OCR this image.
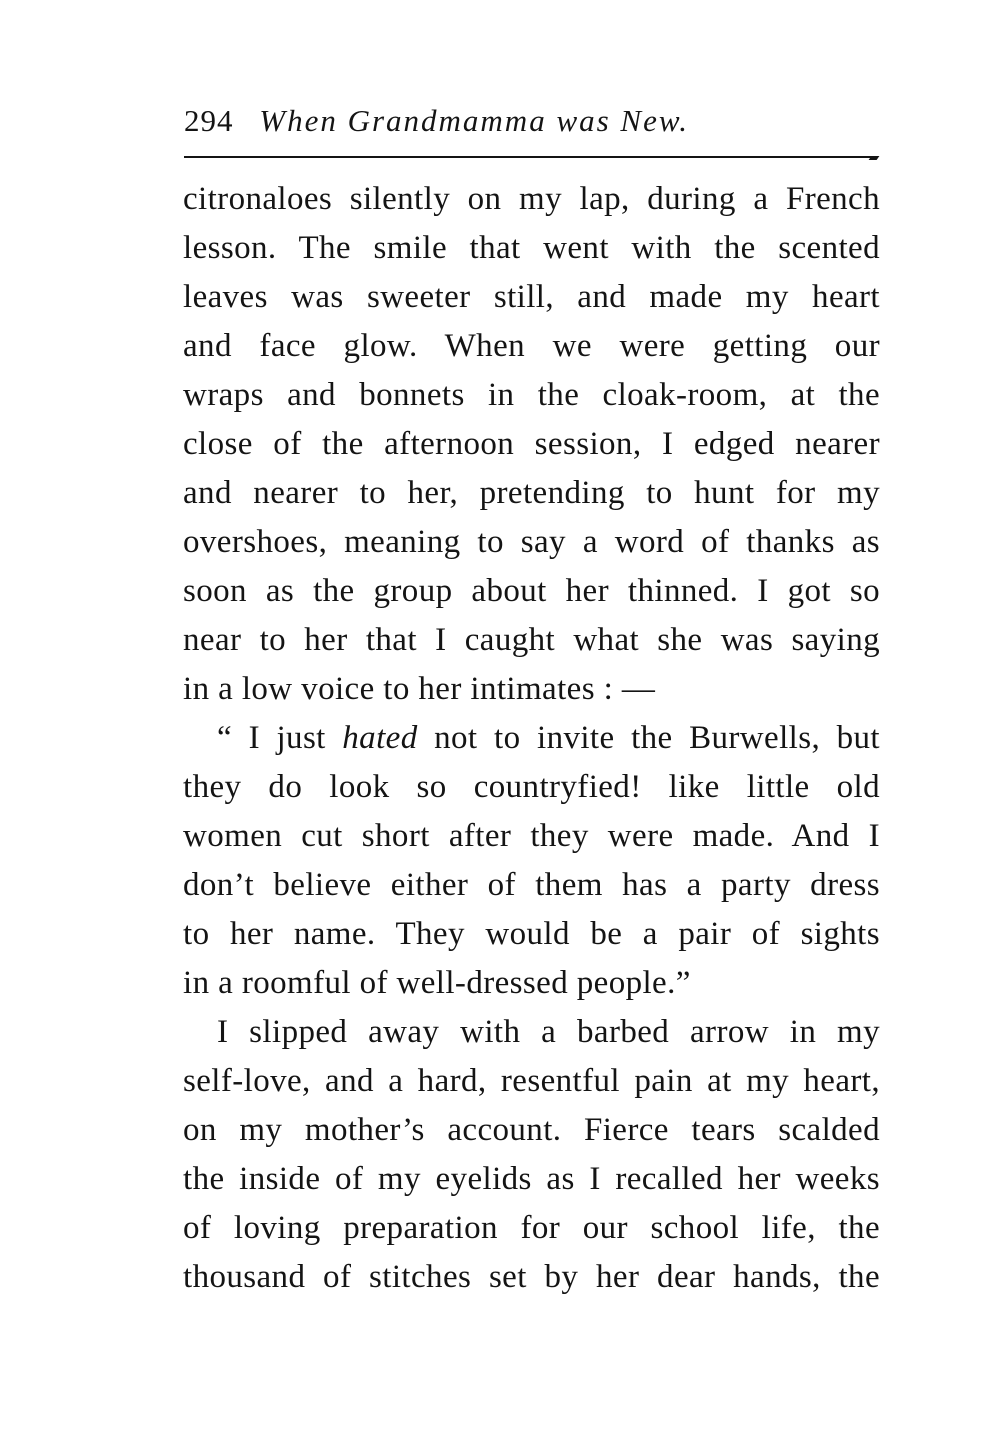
294 When Grandmamma was New.
citronaloes silently on my lap, during a French
lesson. The smile that went with the scented
leaves was sweeter still, and made my heart
and face glow. When we were getting our
wraps and bonnets in the cloak-room, at the
close of the afternoon session, I edged nearer
and nearer to her, pretending to hunt for my
overshoes, meaning to say a word of thanks as
soon as the group about her thinned. I got so
near to her that I caught what she was saying
in a low voice to her intimates : —
“ I just hated not to invite the Burwells, but
they do look so countryfied! like little old
women cut short after they were made. And I
don’t believe either of them has a party dress
to her name. They would be a pair of sights
in a roomful of well-dressed people.”
I slipped away with a barbed arrow in my
self-love, and a hard, resentful pain at my heart,
on my mother’s account. Fierce tears scalded
the inside of my eyelids as I recalled her weeks
of loving preparation for our school life, the
thousand of stitches set by her dear hands, the
